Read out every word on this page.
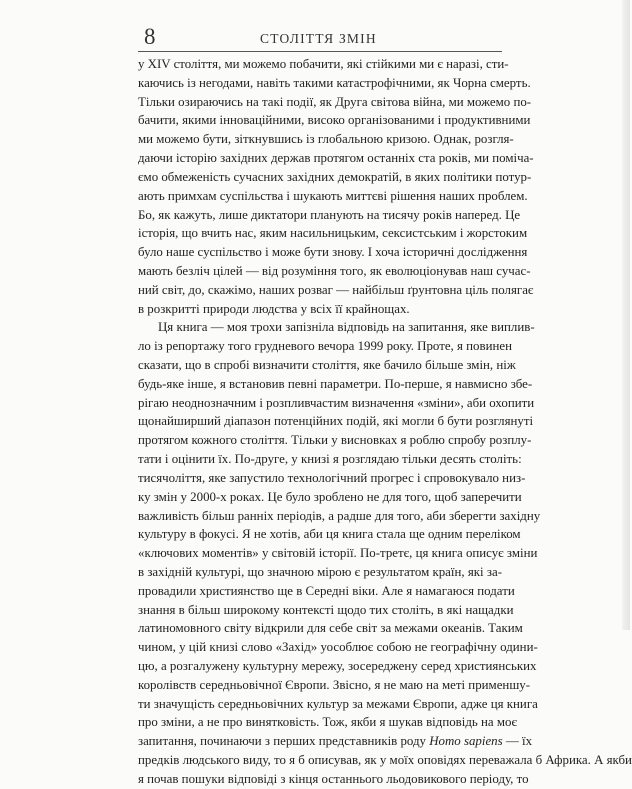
8	СТОЛІТТЯ ЗМІН
у XIV століття, ми можемо побачити, які стійкими ми є наразі, сти-
каючись із негодами, навіть такими катастрофічними, як Чорна смерть.
Тільки озираючись на такі події, як Друга світова війна, ми можемо по-
бачити, якими інноваційними, високо організованими і продуктивними
ми можемо бути, зіткнувшись із глобальною кризою. Однак, розгля-
даючи історію західних держав протягом останніх ста років, ми поміча-
ємо обмеженість сучасних західних демократій, в яких політики потур-
ають примхам суспільства і шукають миттєві рішення наших проблем.
Бо, як кажуть, лише диктатори планують на тисячу років наперед. Це
історія, що вчить нас, яким насильницьким, сексистським і жорстоким
було наше суспільство і може бути знову. І хоча історичні дослідження
мають безліч цілей — від розуміння того, як еволюціонував наш сучас-
ний світ, до, скажімо, наших розваг — найбільш ґрунтовна ціль полягає
в розкритті природи людства у всіх її крайнощах.
Ця книга — моя трохи запізніла відповідь на запитання, яке виплив-
ло із репортажу того грудневого вечора 1999 року. Проте, я повинен
сказати, що в спробі визначити століття, яке бачило більше змін, ніж
будь-яке інше, я встановив певні параметри. По-перше, я навмисно збе-
рігаю неоднозначним і розпливчастим визначення «зміни», аби охопити
щонайширший діапазон потенційних подій, які могли б бути розглянуті
протягом кожного століття. Тільки у висновках я роблю спробу розплу-
тати і оцінити їх. По-друге, у книзі я розглядаю тільки десять століть:
тисячоліття, яке запустило технологічний прогрес і спровокувало низ-
ку змін у 2000-х роках. Це було зроблено не для того, щоб заперечити
важливість більш ранніх періодів, а радше для того, аби зберегти західну
культуру в фокусі. Я не хотів, аби ця книга стала ще одним переліком
«ключових моментів» у світовій історії. По-третє, ця книга описує зміни
в західній культурі, що значною мірою є результатом країн, які за-
провадили християнство ще в Середні віки. Але я намагаюся подати
знання в більш широкому контексті щодо тих століть, в які нащадки
латиномовного світу відкрили для себе світ за межами океанів. Таким
чином, у цій книзі слово «Захід» уособлює собою не географічну одини-
цю, а розгалужену культурну мережу, зосереджену серед християнських
королівств середньовічної Європи. Звісно, я не маю на меті применшу-
ти значущість середньовічних культур за межами Європи, адже ця книга
про зміни, а не про винятковість. Тож, якби я шукав відповідь на моє
запитання, починаючи з перших представників роду Homo sapiens — їх
предків людського виду, то я б описував, як у моїх оповідях переважала б Африка. А якби
я почав пошуки відповіді з кінця останнього льодовикового періоду, то
